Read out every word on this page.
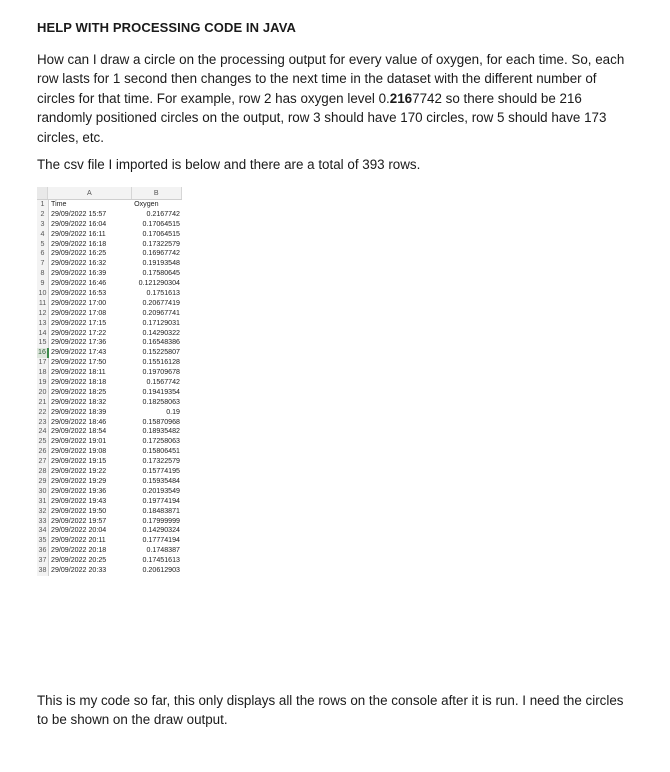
HELP WITH PROCESSING CODE IN JAVA
How can I draw a circle on the processing output for every value of oxygen, for each time. So, each row lasts for 1 second then changes to the next time in the dataset with the different number of circles for that time. For example, row 2 has oxygen level 0.2167742 so there should be 216 randomly positioned circles on the output, row 3 should have 170 circles, row 5 should have 173 circles, etc.
The csv file I imported is below and there are a total of 393 rows.
A	B
1 Time	Oxygen
2 29/09/2022 15:57	0.2167742
3 29/09/2022 16:04	0.17064515
4 29/09/2022 16:11	0.17064515
5 29/09/2022 16:18	0.17322579
6 29/09/2022 16:25	0.16967742
7 29/09/2022 16:32	0.19193548
8 29/09/2022 16:39	0.17580645
9 29/09/2022 16:46	0.121290304
10 29/09/2022 16:53	0.1751613
11 29/09/2022 17:00	0.20677419
12 29/09/2022 17:08	0.20967741
13 29/09/2022 17:15	0.17129031
14 29/09/2022 17:22	0.14290322
15 29/09/2022 17:36	0.16548386
16 29/09/2022 17:43	0.15225807
17 29/09/2022 17:50	0.15516128
18 29/09/2022 18:11	0.19709678
19 29/09/2022 18:18	0.1567742
20 29/09/2022 18:25	0.19419354
21 29/09/2022 18:32	0.18258063
22 29/09/2022 18:39	0.19
23 29/09/2022 18:46	0.15870968
24 29/09/2022 18:54	0.18935482
25 29/09/2022 19:01	0.17258063
26 29/09/2022 19:08	0.15806451
27 29/09/2022 19:15	0.17322579
28 29/09/2022 19:22	0.15774195
29 29/09/2022 19:29	0.15935484
30 29/09/2022 19:36	0.20193549
31 29/09/2022 19:43	0.19774194
32 29/09/2022 19:50	0.18483871
33 29/09/2022 19:57	0.17999999
34 29/09/2022 20:04	0.14290324
35 29/09/2022 20:11	0.17774194
36 29/09/2022 20:18	0.1748387
37 29/09/2022 20:25	0.17451613
38 29/09/2022 20:33	0.20612903
This is my code so far, this only displays all the rows on the console after it is run. I need the circles to be shown on the draw output.
